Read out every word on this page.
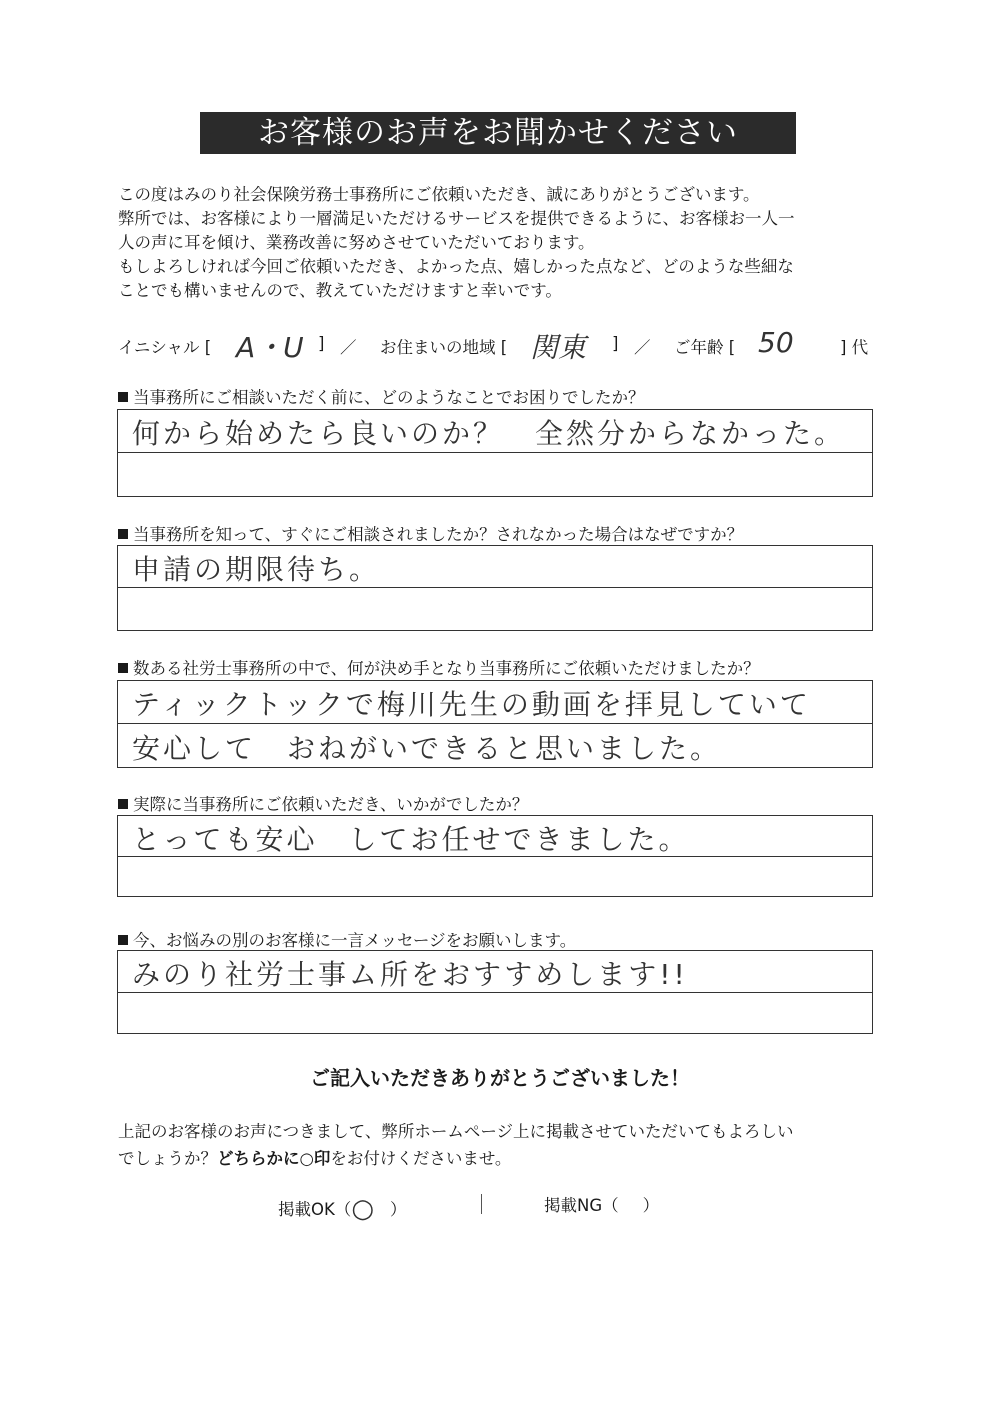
お客様のお声をお聞かせください
この度はみのり社会保険労務士事務所にご依頼いただき、誠にありがとうございます。
弊所では、お客様により一層満足いただけるサービスを提供できるように、お客様お一人一
人の声に耳を傾け、業務改善に努めさせていただいております。
もしよろしければ今回ご依頼いただき、よかった点、嬉しかった点など、どのような些細な
ことでも構いませんので、教えていただけますと幸いです。
イニシャル [ A・U ] ／ お住まいの地域 [ 関東 ] ／ ご年齢 [ 50	] 代
当事務所にご相談いただく前に、どのようなことでお困りでしたか？
何から始めたら良いのか？　全然分からなかった。
当事務所を知って、すぐにご相談されましたか？されなかった場合はなぜですか？
申請の期限待ち。
数ある社労士事務所の中で、何が決め手となり当事務所にご依頼いただけましたか？
ティックトックで梅川先生の動画を拝見していて
安心して　おねがいできると思いました。
実際に当事務所にご依頼いただき、いかがでしたか？
とっても安心　してお任せできました。
今、お悩みの別のお客様に一言メッセージをお願いします。
みのり社労士事ム所をおすすめします!!
ご記入いただきありがとうございました！
上記のお客様のお声につきまして、弊所ホームページ上に掲載させていただいてもよろしい
でしょうか？どちらかに○印をお付けくださいませ。
掲載OK（○ ）	掲載NG（ ）
